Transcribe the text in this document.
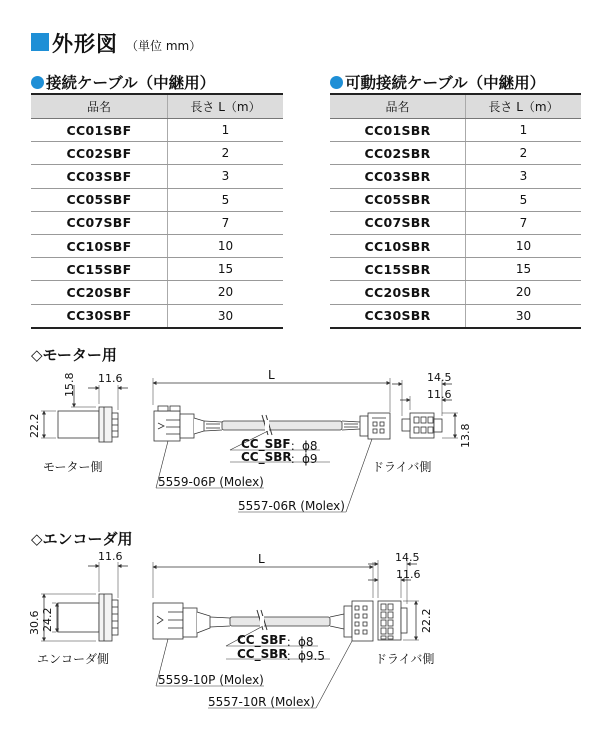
外形図 （単位 mm）
接続ケーブル（中継用）
品名	長さ L（m）
CC01SBF	1
CC02SBF	2
CC03SBF	3
CC05SBF	5
CC07SBF	7
CC10SBF	10
CC15SBF	15
CC20SBF	20
CC30SBF	30
可動接続ケーブル（中継用）
品名	長さ L（m）
CC01SBR	1
CC02SBR	2
CC03SBR	3
CC05SBR	5
CC07SBR	7
CC10SBR	10
CC15SBR	15
CC20SBR	20
CC30SBR	30
◇モーター用
11.6
15.8
22.2
L	14.5
11.6
13.8
モーター側	ドライバ側
CC_SBF ：ϕ8
CC_SBR
：ϕ9
5559-06P (Molex)
5557-06R (Molex)
◇エンコーダ用
11.6
30.6 24.2
L	14.5
11.6
22.2
エンコーダ側	ドライバ側
CC_SBF ：ϕ8
CC_SBR
：ϕ9.5
5559-10P (Molex)
5557-10R (Molex)
